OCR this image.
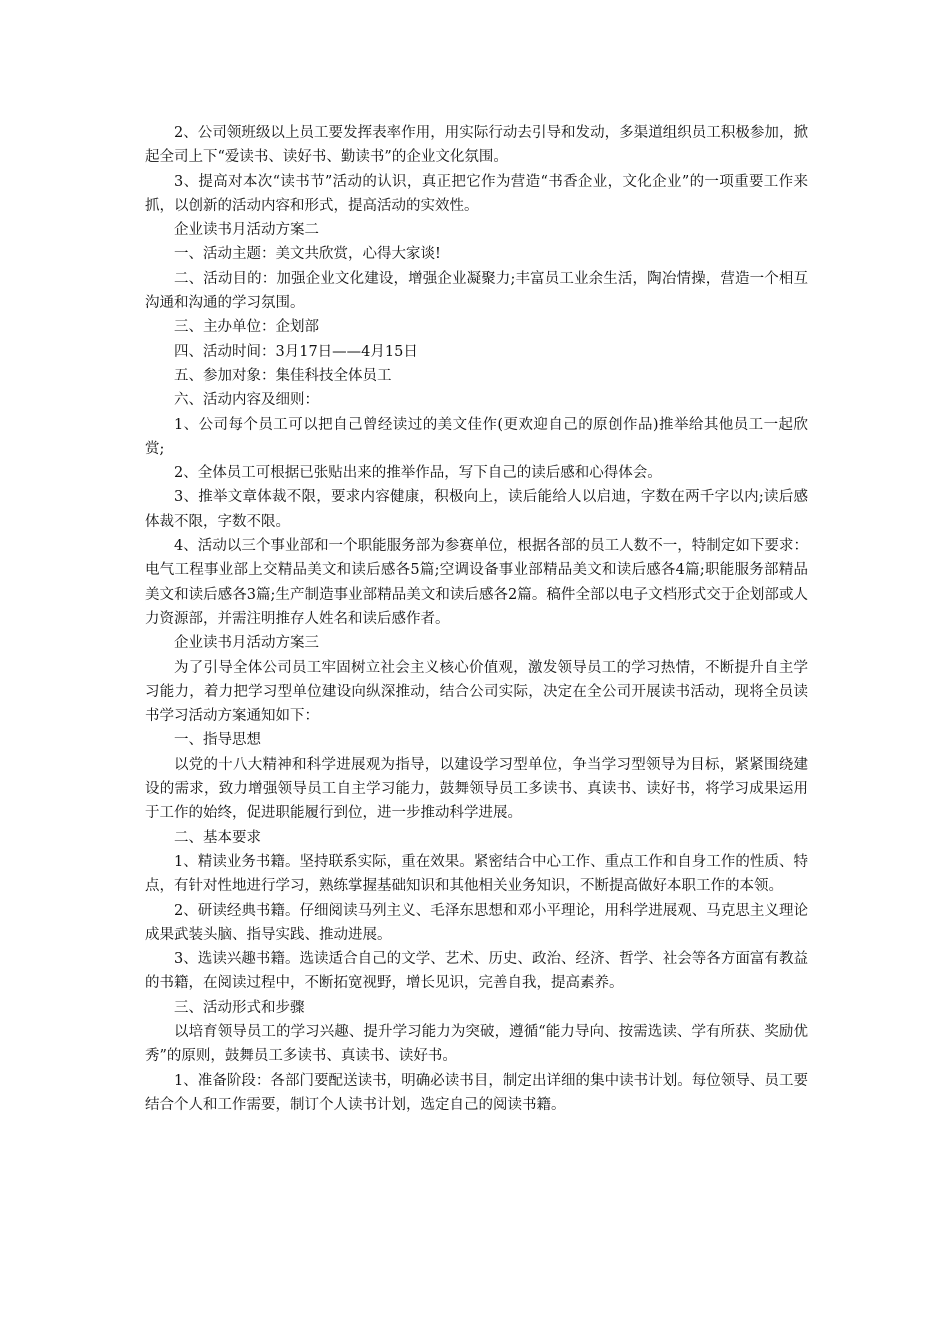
2、公司领班级以上员工要发挥表率作用，用实际行动去引导和发动，多渠道组织员工积极参加，掀起全司上下“爱读书、读好书、勤读书”的企业文化氛围。

3、提高对本次“读书节”活动的认识，真正把它作为营造“书香企业，文化企业”的一项重要工作来抓，以创新的活动内容和形式，提高活动的实效性。

企业读书月活动方案二

一、活动主题：美文共欣赏，心得大家谈!

二、活动目的：加强企业文化建设，增强企业凝聚力;丰富员工业余生活，陶冶情操，营造一个相互沟通和沟通的学习氛围。

三、主办单位：企划部

四、活动时间：3月17日——4月15日

五、参加对象：集佳科技全体员工

六、活动内容及细则：

1、公司每个员工可以把自己曾经读过的美文佳作(更欢迎自己的原创作品)推举给其他员工一起欣赏;

2、全体员工可根据已张贴出来的推举作品，写下自己的读后感和心得体会。

3、推举文章体裁不限，要求内容健康，积极向上，读后能给人以启迪，字数在两千字以内;读后感体裁不限，字数不限。

4、活动以三个事业部和一个职能服务部为参赛单位，根据各部的员工人数不一，特制定如下要求：电气工程事业部上交精品美文和读后感各5篇;空调设备事业部精品美文和读后感各4篇;职能服务部精品美文和读后感各3篇;生产制造事业部精品美文和读后感各2篇。稿件全部以电子文档形式交于企划部或人力资源部，并需注明推存人姓名和读后感作者。

企业读书月活动方案三

为了引导全体公司员工牢固树立社会主义核心价值观，激发领导员工的学习热情，不断提升自主学习能力，着力把学习型单位建设向纵深推动，结合公司实际，决定在全公司开展读书活动，现将全员读书学习活动方案通知如下：

一、指导思想

以党的十八大精神和科学进展观为指导，以建设学习型单位，争当学习型领导为目标，紧紧围绕建设的需求，致力增强领导员工自主学习能力，鼓舞领导员工多读书、真读书、读好书，将学习成果运用于工作的始终，促进职能履行到位，进一步推动科学进展。

二、基本要求

1、精读业务书籍。坚持联系实际，重在效果。紧密结合中心工作、重点工作和自身工作的性质、特点，有针对性地进行学习，熟练掌握基础知识和其他相关业务知识，不断提高做好本职工作的本领。

2、研读经典书籍。仔细阅读马列主义、毛泽东思想和邓小平理论，用科学进展观、马克思主义理论成果武装头脑、指导实践、推动进展。

3、选读兴趣书籍。选读适合自己的文学、艺术、历史、政治、经济、哲学、社会等各方面富有教益的书籍，在阅读过程中，不断拓宽视野，增长见识，完善自我，提高素养。

三、活动形式和步骤

以培育领导员工的学习兴趣、提升学习能力为突破，遵循“能力导向、按需选读、学有所获、奖励优秀”的原则，鼓舞员工多读书、真读书、读好书。

1、准备阶段：各部门要配送读书，明确必读书目，制定出详细的集中读书计划。每位领导、员工要结合个人和工作需要，制订个人读书计划，选定自己的阅读书籍。
